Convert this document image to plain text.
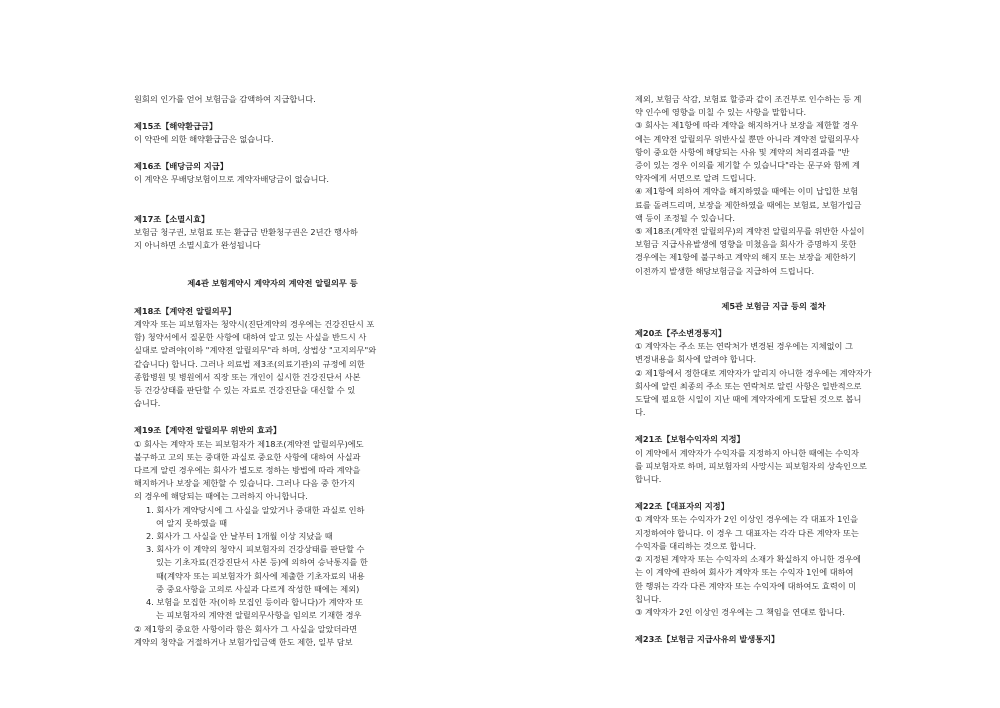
원회의 인가를 얻어 보험금을 감액하여 지급합니다.

제15조【해약환급금】

이 약관에 의한 해약환급금은 없습니다.

제16조【배당금의 지급】

이 계약은 무배당보험이므로 계약자배당금이 없습니다.

제17조【소멸시효】

보험금 청구권, 보험료 또는 환급금 반환청구권은 2년간 행사하
지 아니하면 소멸시효가 완성됩니다

제4관 보험계약시 계약자의 계약전 알릴의무 등

제18조【계약전 알릴의무】

계약자 또는 피보험자는 청약시(진단계약의 경우에는 건강진단시 포
함) 청약서에서 질문한 사항에 대하여 알고 있는 사실을 반드시 사
실대로 알려야(이하 "계약전 알릴의무"라 하며, 상법상 "고지의무"와
같습니다) 합니다. 그러나 의료법 제3조(의료기관)의 규정에 의한
종합병원 및 병원에서 직장 또는 개인이 실시한 건강진단서 사본
등 건강상태를 판단할 수 있는 자료로 건강진단을 대신할 수 있
습니다.

제19조【계약전 알릴의무 위반의 효과】

① 회사는 계약자 또는 피보험자가 제18조(계약전 알릴의무)에도
불구하고 고의 또는 중대한 과실로 중요한 사항에 대하여 사실과
다르게 알린 경우에는 회사가 별도로 정하는 방법에 따라 계약을
해지하거나 보장을 제한할 수 있습니다. 그러나 다음 중 한가지
의 경우에 해당되는 때에는 그러하지 아니합니다.

1. 회사가 계약당시에 그 사실을 알았거나 중대한 과실로 인하
여 알지 못하였을 때

2. 회사가 그 사실을 안 날부터 1개월 이상 지났을 때

3. 회사가 이 계약의 청약시 피보험자의 건강상태를 판단할 수
있는 기초자료(건강진단서 사본 등)에 의하여 승낙통지를 한
때(계약자 또는 피보험자가 회사에 제출한 기초자료의 내용
중 중요사항을 고의로 사실과 다르게 작성한 때에는 제외)

4. 보험을 모집한 자(이하 모집인 등이라 합니다)가 계약자 또
는 피보험자의 계약전 알릴의무사항을 임의로 기재한 경우

② 제1항의 중요한 사항이라 함은 회사가 그 사실을 알았더라면
계약의 청약을 거절하거나 보험가입금액 한도 제한, 일부 담보

제외, 보험금 삭감, 보험료 할증과 같이 조건부로 인수하는 등 계
약 인수에 영향을 미칠 수 있는 사항을 말합니다.

③ 회사는 제1항에 따라 계약을 해지하거나 보장을 제한할 경우
에는 계약전 알릴의무 위반사실 뿐만 아니라 계약전 알릴의무사
항이 중요한 사항에 해당되는 사유 및 계약의 처리결과를 "반
증이 있는 경우 이의를 제기할 수 있습니다"라는 문구와 함께 계
약자에게 서면으로 알려 드립니다.

④ 제1항에 의하여 계약을 해지하였을 때에는 이미 납입한 보험
료를 돌려드리며, 보장을 제한하였을 때에는 보험료, 보험가입금
액 등이 조정될 수 있습니다.

⑤ 제18조(계약전 알릴의무)의 계약전 알릴의무를 위반한 사실이
보험금 지급사유발생에 영향을 미쳤음을 회사가 증명하지 못한
경우에는 제1항에 불구하고 계약의 해지 또는 보장을 제한하기
이전까지 발생한 해당보험금을 지급하여 드립니다.

제5관 보험금 지급 등의 절차

제20조【주소변경통지】

① 계약자는 주소 또는 연락처가 변경된 경우에는 지체없이 그
변경내용을 회사에 알려야 합니다.
② 제1항에서 정한대로 계약자가 알리지 아니한 경우에는 계약자가
회사에 알린 최종의 주소 또는 연락처로 알린 사항은 일반적으로
도달에 필요한 시일이 지난 때에 계약자에게 도달된 것으로 봅니
다.

제21조【보험수익자의 지정】

이 계약에서 계약자가 수익자를 지정하지 아니한 때에는 수익자
를 피보험자로 하며, 피보험자의 사망시는 피보험자의 상속인으로
합니다.

제22조【대표자의 지정】

① 계약자 또는 수익자가 2인 이상인 경우에는 각 대표자 1인을
지정하여야 합니다. 이 경우 그 대표자는 각각 다른 계약자 또는
수익자를 대리하는 것으로 합니다.
② 지정된 계약자 또는 수익자의 소재가 확실하지 아니한 경우에
는 이 계약에 관하여 회사가 계약자 또는 수익자 1인에 대하여
한 행위는 각각 다른 계약자 또는 수익자에 대하여도 효력이 미
칩니다.
③ 계약자가 2인 이상인 경우에는 그 책임을 연대로 합니다.

제23조【보험금 지급사유의 발생통지】
